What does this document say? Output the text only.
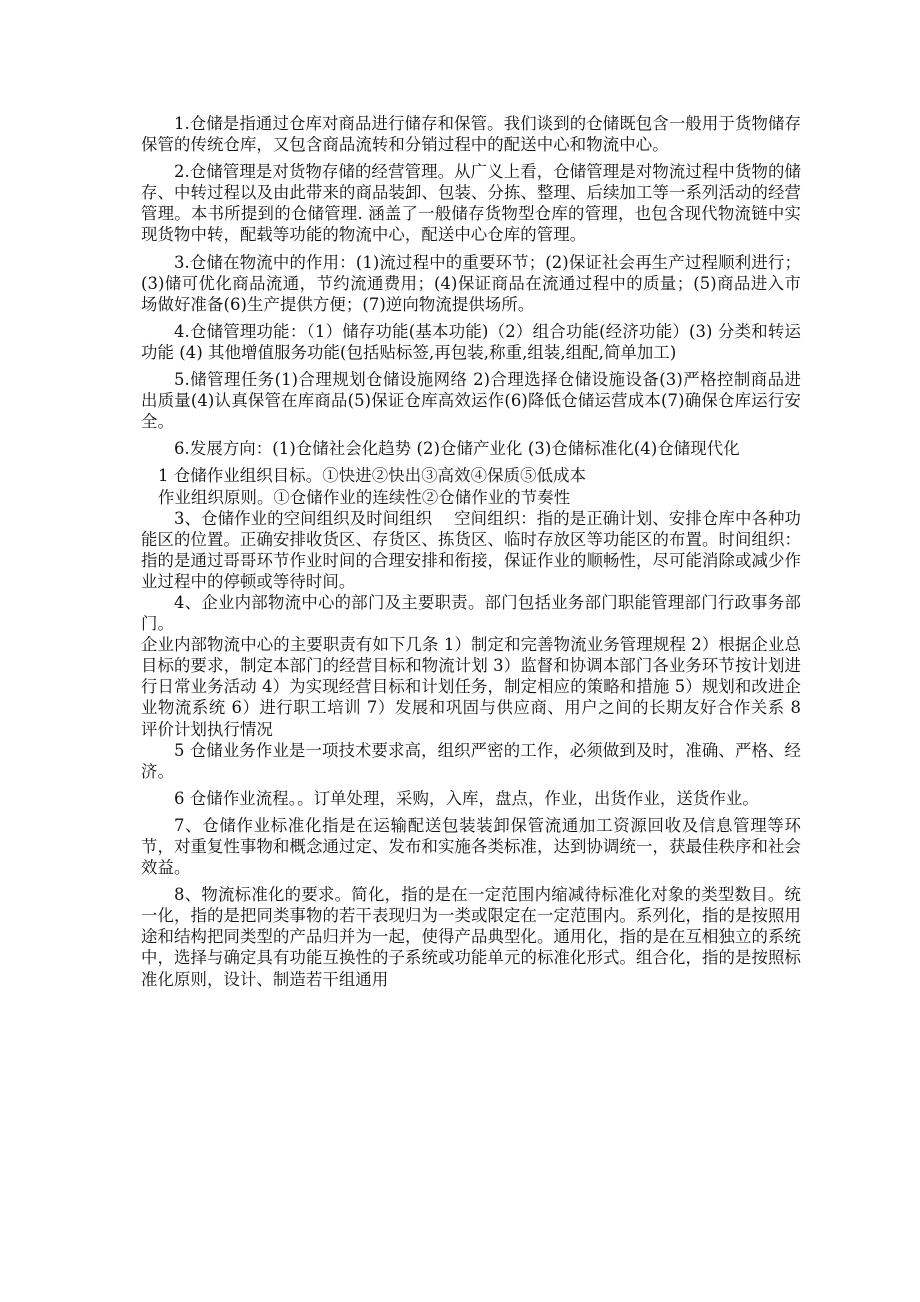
1.仓储是指通过仓库对商品进行储存和保管。我们谈到的仓储既包含一般用于货物储存保管的传统仓库，又包含商品流转和分销过程中的配送中心和物流中心。

2.仓储管理是对货物存储的经营管理。从广义上看，仓储管理是对物流过程中货物的储存、中转过程以及由此带来的商品装卸、包装、分拣、整理、后续加工等一系列活动的经营管理。本书所提到的仓储管理. 涵盖了一般储存货物型仓库的管理，也包含现代物流链中实现货物中转，配载等功能的物流中心，配送中心仓库的管理。

3.仓储在物流中的作用：(1)流过程中的重要环节；(2)保证社会再生产过程顺利进行；(3)储可优化商品流通，节约流通费用；(4)保证商品在流通过程中的质量；(5)商品进入市场做好准备(6)生产提供方便；(7)逆向物流提供场所。

4.仓储管理功能：（1）储存功能(基本功能)（2）组合功能(经济功能）(3) 分类和转运功能 (4) 其他增值服务功能(包括贴标签,再包装,称重,组装,组配,简单加工)

5.储管理任务(1)合理规划仓储设施网络 2)合理选择仓储设施设备(3)严格控制商品进出质量(4)认真保管在库商品(5)保证仓库高效运作(6)降低仓储运营成本(7)确保仓库运行安全。

6.发展方向：(1)仓储社会化趋势 (2)仓储产业化 (3)仓储标准化(4)仓储现代化

1 仓储作业组织目标。①快进②快出③高效④保质⑤低成本

作业组织原则。①仓储作业的连续性②仓储作业的节奏性

3、仓储作业的空间组织及时间组织　 空间组织：指的是正确计划、安排仓库中各种功能区的位置。正确安排收货区、存货区、拣货区、临时存放区等功能区的布置。时间组织：指的是通过哥哥环节作业时间的合理安排和衔接，保证作业的顺畅性，尽可能消除或减少作业过程中的停顿或等待时间。

4、企业内部物流中心的部门及主要职责。部门包括业务部门职能管理部门行政事务部门。

企业内部物流中心的主要职责有如下几条 1）制定和完善物流业务管理规程 2）根据企业总目标的要求，制定本部门的经营目标和物流计划 3）监督和协调本部门各业务环节按计划进行日常业务活动 4）为实现经营目标和计划任务，制定相应的策略和措施 5）规划和改进企业物流系统 6）进行职工培训 7）发展和巩固与供应商、用户之间的长期友好合作关系 8 评价计划执行情况

5 仓储业务作业是一项技术要求高，组织严密的工作，必须做到及时，准确、严格、经济。

6 仓储作业流程。。订单处理，采购，入库，盘点，作业，出货作业，送货作业。

7、仓储作业标准化指是在运输配送包装装卸保管流通加工资源回收及信息管理等环节，对重复性事物和概念通过定、发布和实施各类标准，达到协调统一，获最佳秩序和社会效益。

8、物流标准化的要求。简化，指的是在一定范围内缩减待标准化对象的类型数目。统一化，指的是把同类事物的若干表现归为一类或限定在一定范围内。系列化，指的是按照用途和结构把同类型的产品归并为一起，使得产品典型化。通用化，指的是在互相独立的系统中，选择与确定具有功能互换性的子系统或功能单元的标准化形式。组合化，指的是按照标准化原则，设计、制造若干组通用
